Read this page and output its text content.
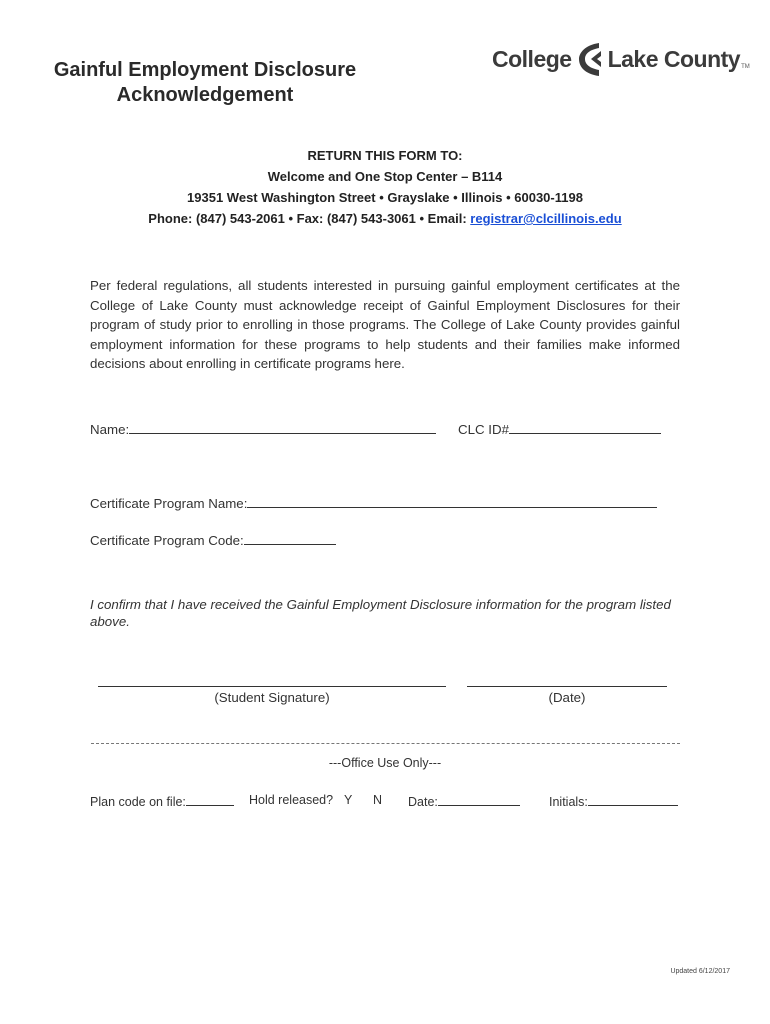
Gainful Employment Disclosure
Acknowledgement
College Lake County TM
RETURN THIS FORM TO:
Welcome and One Stop Center – B114
19351 West Washington Street • Grayslake • Illinois • 60030-1198
Phone: (847) 543-2061 • Fax: (847) 543-3061 • Email: registrar@clcillinois.edu
Per federal regulations, all students interested in pursuing gainful employment certificates at the College of Lake County must acknowledge receipt of Gainful Employment Disclosures for their program of study prior to enrolling in those programs. The College of Lake County provides gainful employment information for these programs to help students and their families make informed decisions about enrolling in certificate programs here.
Name:	CLC ID#
Certificate Program Name:
Certificate Program Code:
I confirm that I have received the Gainful Employment Disclosure information for the program listed above.
(Student Signature)	(Date)
---Office Use Only---
Plan code on file:	Hold released? Y N Date:	Initials:
Updated 6/12/2017
